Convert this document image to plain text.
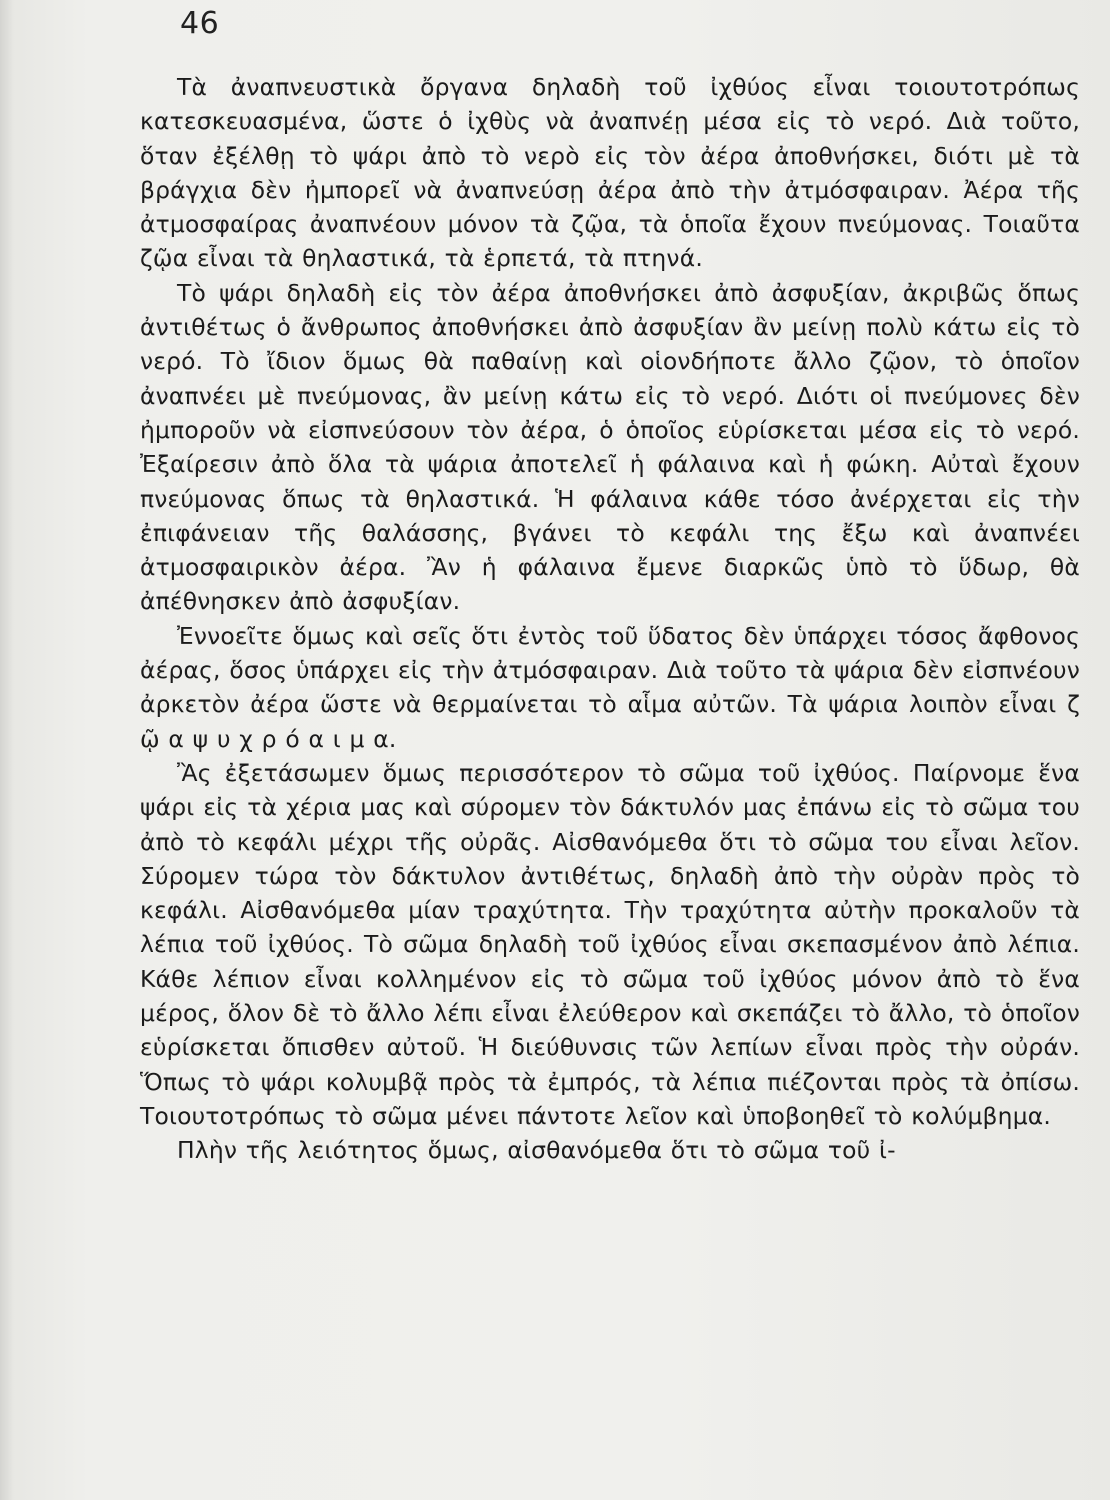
46

Τὰ ἀναπνευστικὰ ὄργανα δηλαδὴ τοῦ ἰχθύος εἶναι τοιουτοτρόπως κατεσκευασμένα, ὥστε ὁ ἰχθὺς νὰ ἀναπνέῃ μέσα εἰς τὸ νερό. Διὰ τοῦτο, ὅταν ἐξέλθῃ τὸ ψάρι ἀπὸ τὸ νερὸ εἰς τὸν ἀέρα ἀποθνήσκει, διότι μὲ τὰ βράγχια δὲν ἠμπορεῖ νὰ ἀναπνεύσῃ ἀέρα ἀπὸ τὴν ἀτμόσφαιραν. Ἀέρα τῆς ἀτμοσφαίρας ἀναπνέουν μόνον τὰ ζῷα, τὰ ὁποῖα ἔχουν πνεύμονας. Τοιαῦτα ζῷα εἶναι τὰ θηλαστικά, τὰ ἑρπετά, τὰ πτηνά.

Τὸ ψάρι δηλαδὴ εἰς τὸν ἀέρα ἀποθνήσκει ἀπὸ ἀσφυξίαν, ἀκριβῶς ὅπως ἀντιθέτως ὁ ἄνθρωπος ἀποθνήσκει ἀπὸ ἀσφυξίαν ἂν μείνῃ πολὺ κάτω εἰς τὸ νερό. Τὸ ἴδιον ὅμως θὰ παθαίνῃ καὶ οἱονδήποτε ἄλλο ζῷον, τὸ ὁποῖον ἀναπνέει μὲ πνεύμονας, ἂν μείνῃ κάτω εἰς τὸ νερό. Διότι οἱ πνεύμονες δὲν ἠμποροῦν νὰ εἰσπνεύσουν τὸν ἀέρα, ὁ ὁποῖος εὑρίσκεται μέσα εἰς τὸ νερό. Ἐξαίρεσιν ἀπὸ ὅλα τὰ ψάρια ἀποτελεῖ ἡ φάλαινα καὶ ἡ φώκη. Αὐταὶ ἔχουν πνεύμονας ὅπως τὰ θηλαστικά. Ἡ φάλαινα κάθε τόσο ἀνέρχεται εἰς τὴν ἐπιφάνειαν τῆς θαλάσσης, βγάνει τὸ κεφάλι της ἔξω καὶ ἀναπνέει ἀτμοσφαιρικὸν ἀέρα. Ἂν ἡ φάλαινα ἔμενε διαρκῶς ὑπὸ τὸ ὕδωρ, θὰ ἀπέθνησκεν ἀπὸ ἀσφυξίαν.

Ἐννοεῖτε ὅμως καὶ σεῖς ὅτι ἐντὸς τοῦ ὕδατος δὲν ὑπάρχει τόσος ἄφθονος ἀέρας, ὅσος ὑπάρχει εἰς τὴν ἀτμόσφαιραν. Διὰ τοῦτο τὰ ψάρια δὲν εἰσπνέουν ἀρκετὸν ἀέρα ὥστε νὰ θερμαίνεται τὸ αἷμα αὐτῶν. Τὰ ψάρια λοιπὸν εἶναι ζ ῷ α ψ υ χ ρ ό α ι μ α.

Ἂς ἐξετάσωμεν ὅμως περισσότερον τὸ σῶμα τοῦ ἰχθύος. Παίρνομε ἕνα ψάρι εἰς τὰ χέρια μας καὶ σύρομεν τὸν δάκτυλόν μας ἐπάνω εἰς τὸ σῶμα του ἀπὸ τὸ κεφάλι μέχρι τῆς οὐρᾶς. Αἰσθανόμεθα ὅτι τὸ σῶμα του εἶναι λεῖον. Σύρομεν τώρα τὸν δάκτυλον ἀντιθέτως, δηλαδὴ ἀπὸ τὴν οὐρὰν πρὸς τὸ κεφάλι. Αἰσθανόμεθα μίαν τραχύτητα. Τὴν τραχύτητα αὐτὴν προκαλοῦν τὰ λέπια τοῦ ἰχθύος. Τὸ σῶμα δηλαδὴ τοῦ ἰχθύος εἶναι σκεπασμένον ἀπὸ λέπια. Κάθε λέπιον εἶναι κολλημένον εἰς τὸ σῶμα τοῦ ἰχθύος μόνον ἀπὸ τὸ ἕνα μέρος, ὅλον δὲ τὸ ἄλλο λέπι εἶναι ἐλεύθερον καὶ σκεπάζει τὸ ἄλλο, τὸ ὁποῖον εὑρίσκεται ὄπισθεν αὐτοῦ. Ἡ διεύθυνσις τῶν λεπίων εἶναι πρὸς τὴν οὐράν. Ὅπως τὸ ψάρι κολυμβᾷ πρὸς τὰ ἐμπρός, τὰ λέπια πιέζονται πρὸς τὰ ὀπίσω. Τοιουτοτρόπως τὸ σῶμα μένει πάντοτε λεῖον καὶ ὑποβοηθεῖ τὸ κολύμβημα.

Πλὴν τῆς λειότητος ὅμως, αἰσθανόμεθα ὅτι τὸ σῶμα τοῦ ἰ-
